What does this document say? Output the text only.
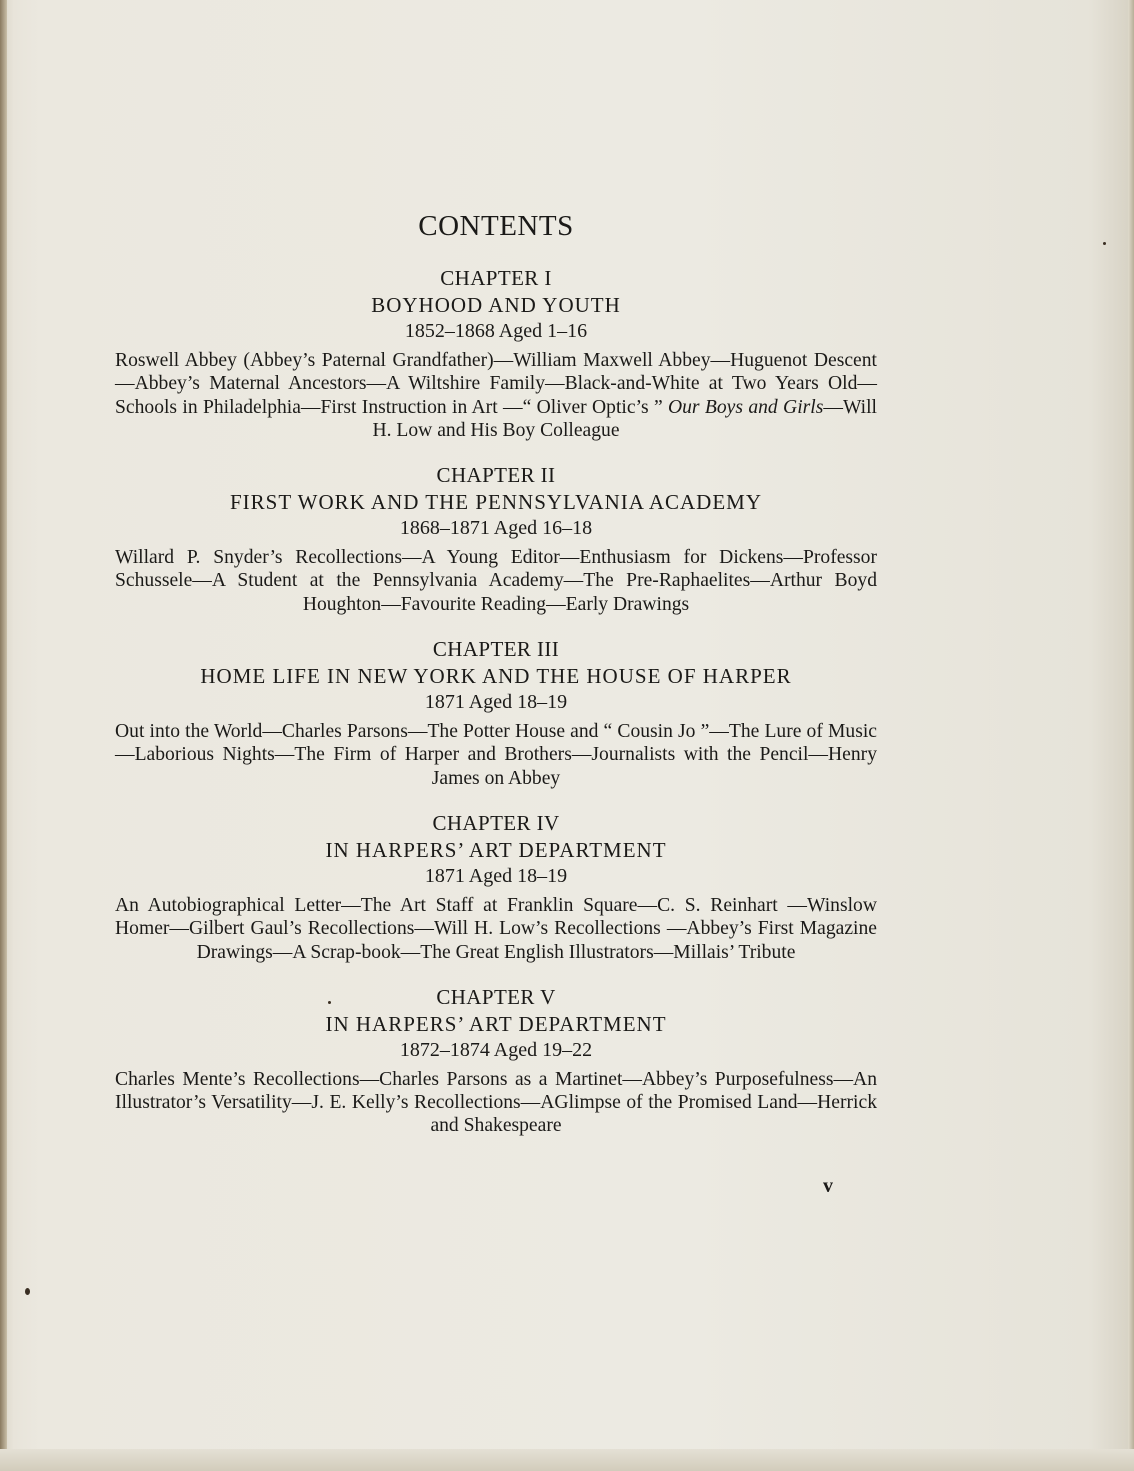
CONTENTS
CHAPTER I
BOYHOOD AND YOUTH
1852–1868 Aged 1–16
Roswell Abbey (Abbey’s Paternal Grandfather)—William Maxwell Abbey—Huguenot Descent—Abbey’s Maternal Ancestors—A Wiltshire Family—Black-and-White at Two Years Old—Schools in Philadelphia—First Instruction in Art —“ Oliver Optic’s ” Our Boys and Girls—Will H. Low and His Boy Colleague
CHAPTER II
FIRST WORK AND THE PENNSYLVANIA ACADEMY
1868–1871 Aged 16–18
Willard P. Snyder’s Recollections—A Young Editor—Enthusiasm for Dickens—Professor Schussele—A Student at the Pennsylvania Academy—The Pre-Raphaelites—Arthur Boyd Houghton—Favourite Reading—Early Drawings
CHAPTER III
HOME LIFE IN NEW YORK AND THE HOUSE OF HARPER
1871 Aged 18–19
Out into the World—Charles Parsons—The Potter House and “ Cousin Jo ”—The Lure of Music—Laborious Nights—The Firm of Harper and Brothers—Journalists with the Pencil—Henry James on Abbey
CHAPTER IV
IN HARPERS’ ART DEPARTMENT
1871 Aged 18–19
An Autobiographical Letter—The Art Staff at Franklin Square—C. S. Reinhart —Winslow Homer—Gilbert Gaul’s Recollections—Will H. Low’s Recollections —Abbey’s First Magazine Drawings—A Scrap-book—The Great English Illustrators—Millais’ Tribute
CHAPTER V
IN HARPERS’ ART DEPARTMENT
1872–1874 Aged 19–22
Charles Mente’s Recollections—Charles Parsons as a Martinet—Abbey’s Purposefulness—An Illustrator’s Versatility—J. E. Kelly’s Recollections—AGlimpse of the Promised Land—Herrick and Shakespeare
v
